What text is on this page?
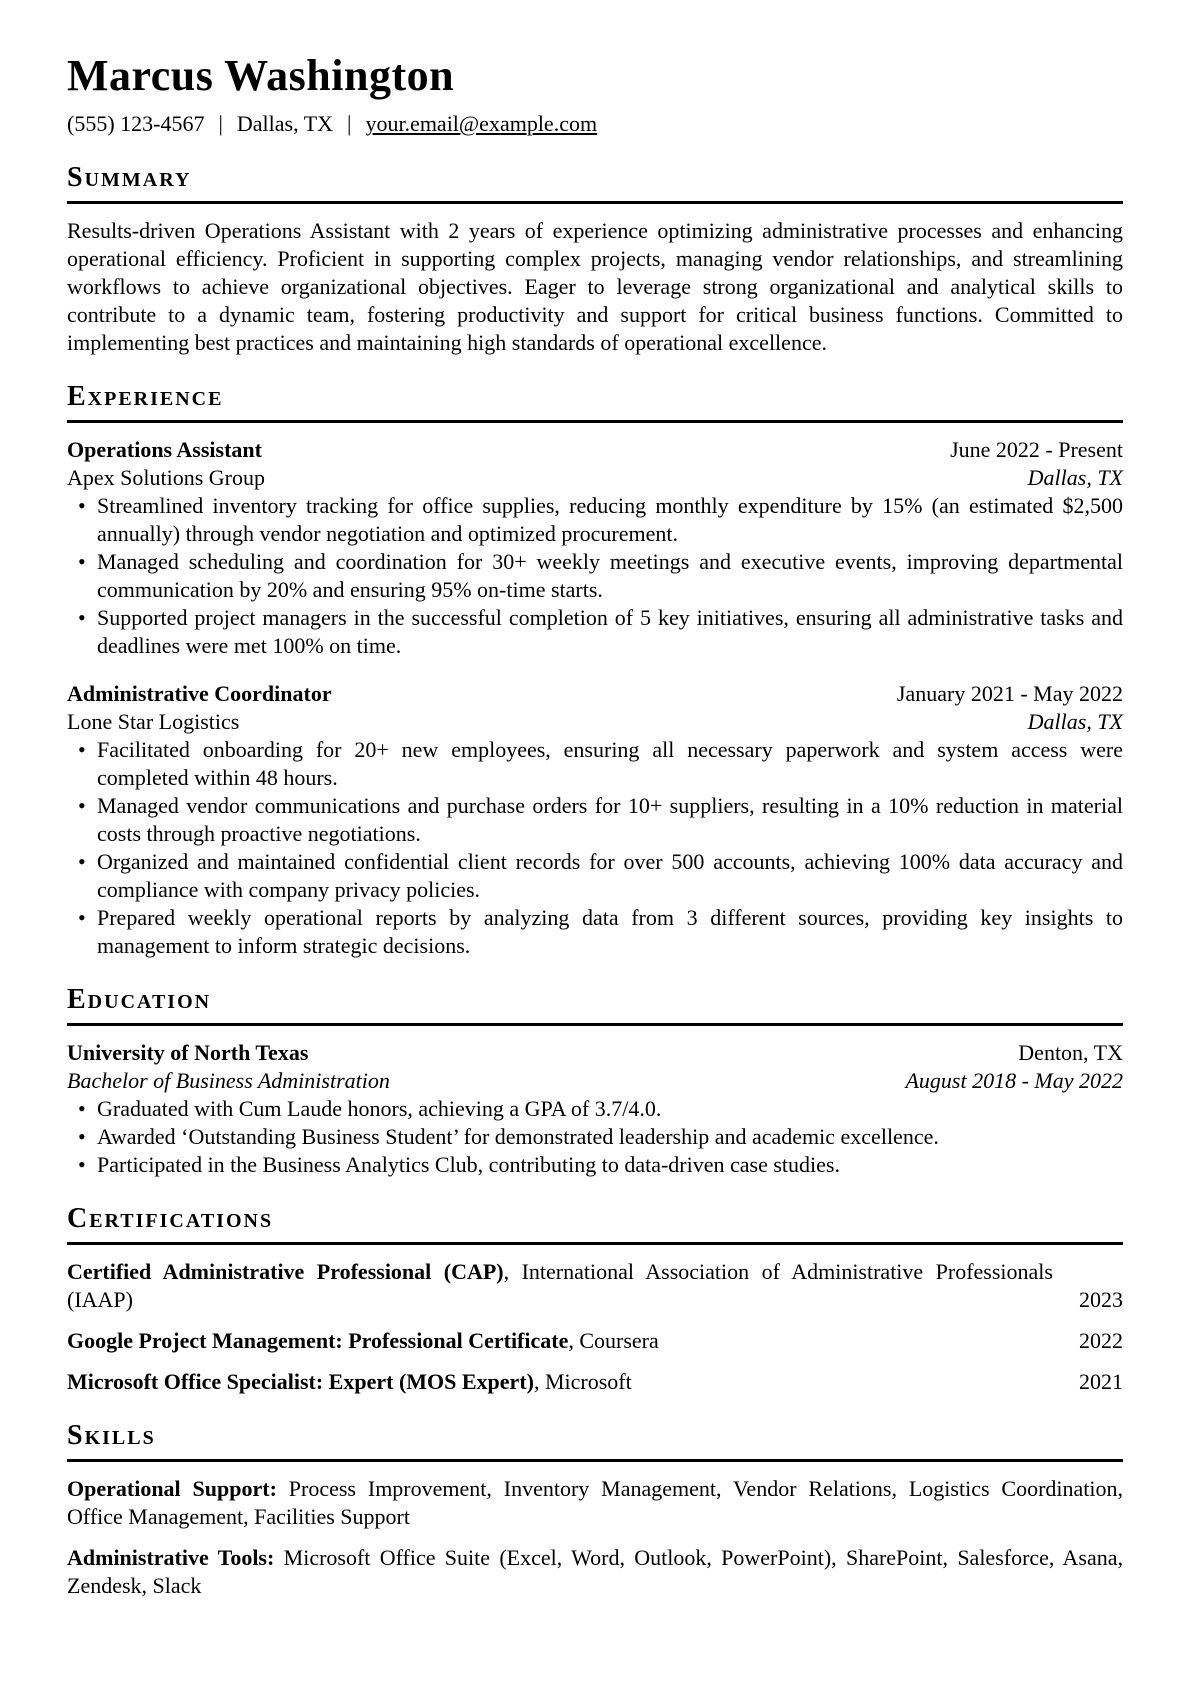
Marcus Washington
(555) 123-4567 | Dallas, TX | your.email@example.com
Summary

Results-driven Operations Assistant with 2 years of experience optimizing administrative processes and enhancing operational efficiency. Proficient in supporting complex projects, managing vendor relationships, and streamlining workflows to achieve organizational objectives. Eager to leverage strong organizational and analytical skills to contribute to a dynamic team, fostering productivity and support for critical business functions. Committed to implementing best practices and maintaining high standards of operational excellence.

Experience
Operations Assistant	June 2022 - Present
Apex Solutions Group	Dallas, TX
• Streamlined inventory tracking for office supplies, reducing monthly expenditure by 15% (an estimated $2,500 annually) through vendor negotiation and optimized procurement.
• Managed scheduling and coordination for 30+ weekly meetings and executive events, improving departmental communication by 20% and ensuring 95% on-time starts.
• Supported project managers in the successful completion of 5 key initiatives, ensuring all administrative tasks and deadlines were met 100% on time.
Administrative Coordinator	January 2021 - May 2022
Lone Star Logistics	Dallas, TX
• Facilitated onboarding for 20+ new employees, ensuring all necessary paperwork and system access were completed within 48 hours.
• Managed vendor communications and purchase orders for 10+ suppliers, resulting in a 10% reduction in material costs through proactive negotiations.
• Organized and maintained confidential client records for over 500 accounts, achieving 100% data accuracy and compliance with company privacy policies.
• Prepared weekly operational reports by analyzing data from 3 different sources, providing key insights to management to inform strategic decisions.
Education
University of North Texas	Denton, TX
Bachelor of Business Administration	August 2018 - May 2022
• Graduated with Cum Laude honors, achieving a GPA of 3.7/4.0.
• Awarded ‘Outstanding Business Student’ for demonstrated leadership and academic excellence.
• Participated in the Business Analytics Club, contributing to data-driven case studies.
Certifications

Certified Administrative Professional (CAP), International Association of Administrative Professionals (IAAP)	2023

Google Project Management: Professional Certificate, Coursera	2022

Microsoft Office Specialist: Expert (MOS Expert), Microsoft	2021

Skills

Operational Support: Process Improvement, Inventory Management, Vendor Relations, Logistics Coordination, Office Management, Facilities Support

Administrative Tools: Microsoft Office Suite (Excel, Word, Outlook, PowerPoint), SharePoint, Salesforce, Asana, Zendesk, Slack
